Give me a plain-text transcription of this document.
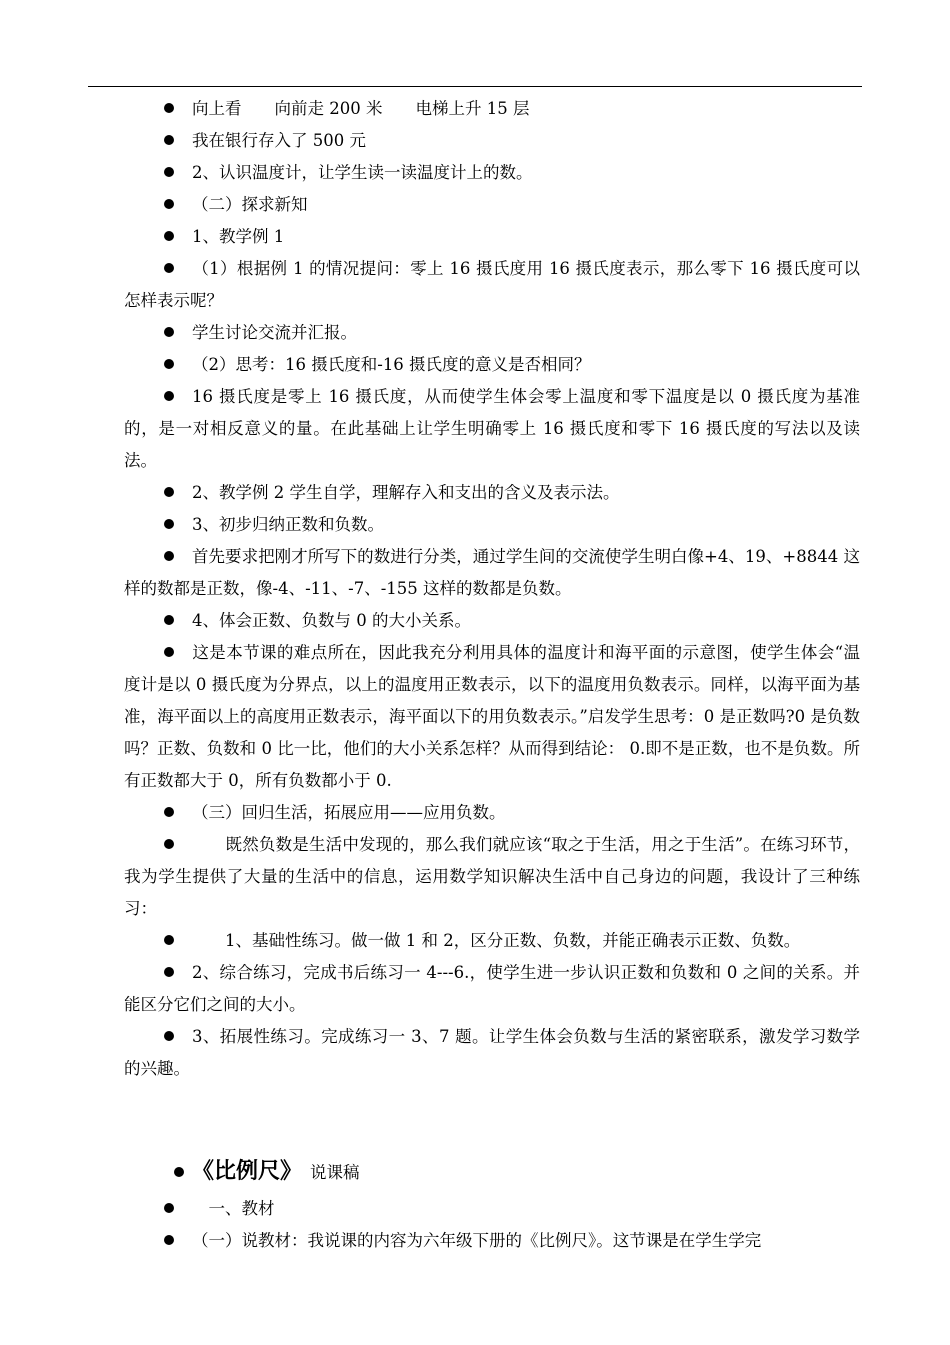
向上看　　向前走 200 米　　电梯上升 15 层

我在银行存入了 500 元

2、认识温度计，让学生读一读温度计上的数。

（二）探求新知

1、教学例 1

（1）根据例 1 的情况提问：零上 16 摄氏度用 16 摄氏度表示，那么零下 16 摄氏度可以怎样表示呢？

学生讨论交流并汇报。

（2）思考：16 摄氏度和-16 摄氏度的意义是否相同？

16 摄氏度是零上 16 摄氏度，从而使学生体会零上温度和零下温度是以 0 摄氏度为基准的，是一对相反意义的量。在此基础上让学生明确零上 16 摄氏度和零下 16 摄氏度的写法以及读法。

2、教学例 2 学生自学，理解存入和支出的含义及表示法。

3、初步归纳正数和负数。

首先要求把刚才所写下的数进行分类，通过学生间的交流使学生明白像+4、19、+8844 这样的数都是正数，像-4、-11、-7、-155 这样的数都是负数。

4、体会正数、负数与 0 的大小关系。

这是本节课的难点所在，因此我充分利用具体的温度计和海平面的示意图，使学生体会“温度计是以 0 摄氏度为分界点，以上的温度用正数表示，以下的温度用负数表示。同样，以海平面为基准，海平面以上的高度用正数表示，海平面以下的用负数表示。”启发学生思考：0 是正数吗?0 是负数吗？正数、负数和 0 比一比，他们的大小关系怎样？从而得到结论： 0.即不是正数，也不是负数。所有正数都大于 0，所有负数都小于 0.

（三）回归生活，拓展应用——应用负数。

　　既然负数是生活中发现的，那么我们就应该“取之于生活，用之于生活”。在练习环节，我为学生提供了大量的生活中的信息，运用数学知识解决生活中自己身边的问题，我设计了三种练习：

　　1、基础性练习。做一做 1 和 2，区分正数、负数，并能正确表示正数、负数。

2、综合练习，完成书后练习一 4---6.，使学生进一步认识正数和负数和 0 之间的关系。并能区分它们之间的大小。

3、拓展性练习。完成练习一 3、7 题。让学生体会负数与生活的紧密联系，激发学习数学的兴趣。

《比例尺》 说课稿

　一、教材

（一）说教材：我说课的内容为六年级下册的《比例尺》。这节课是在学生学完
